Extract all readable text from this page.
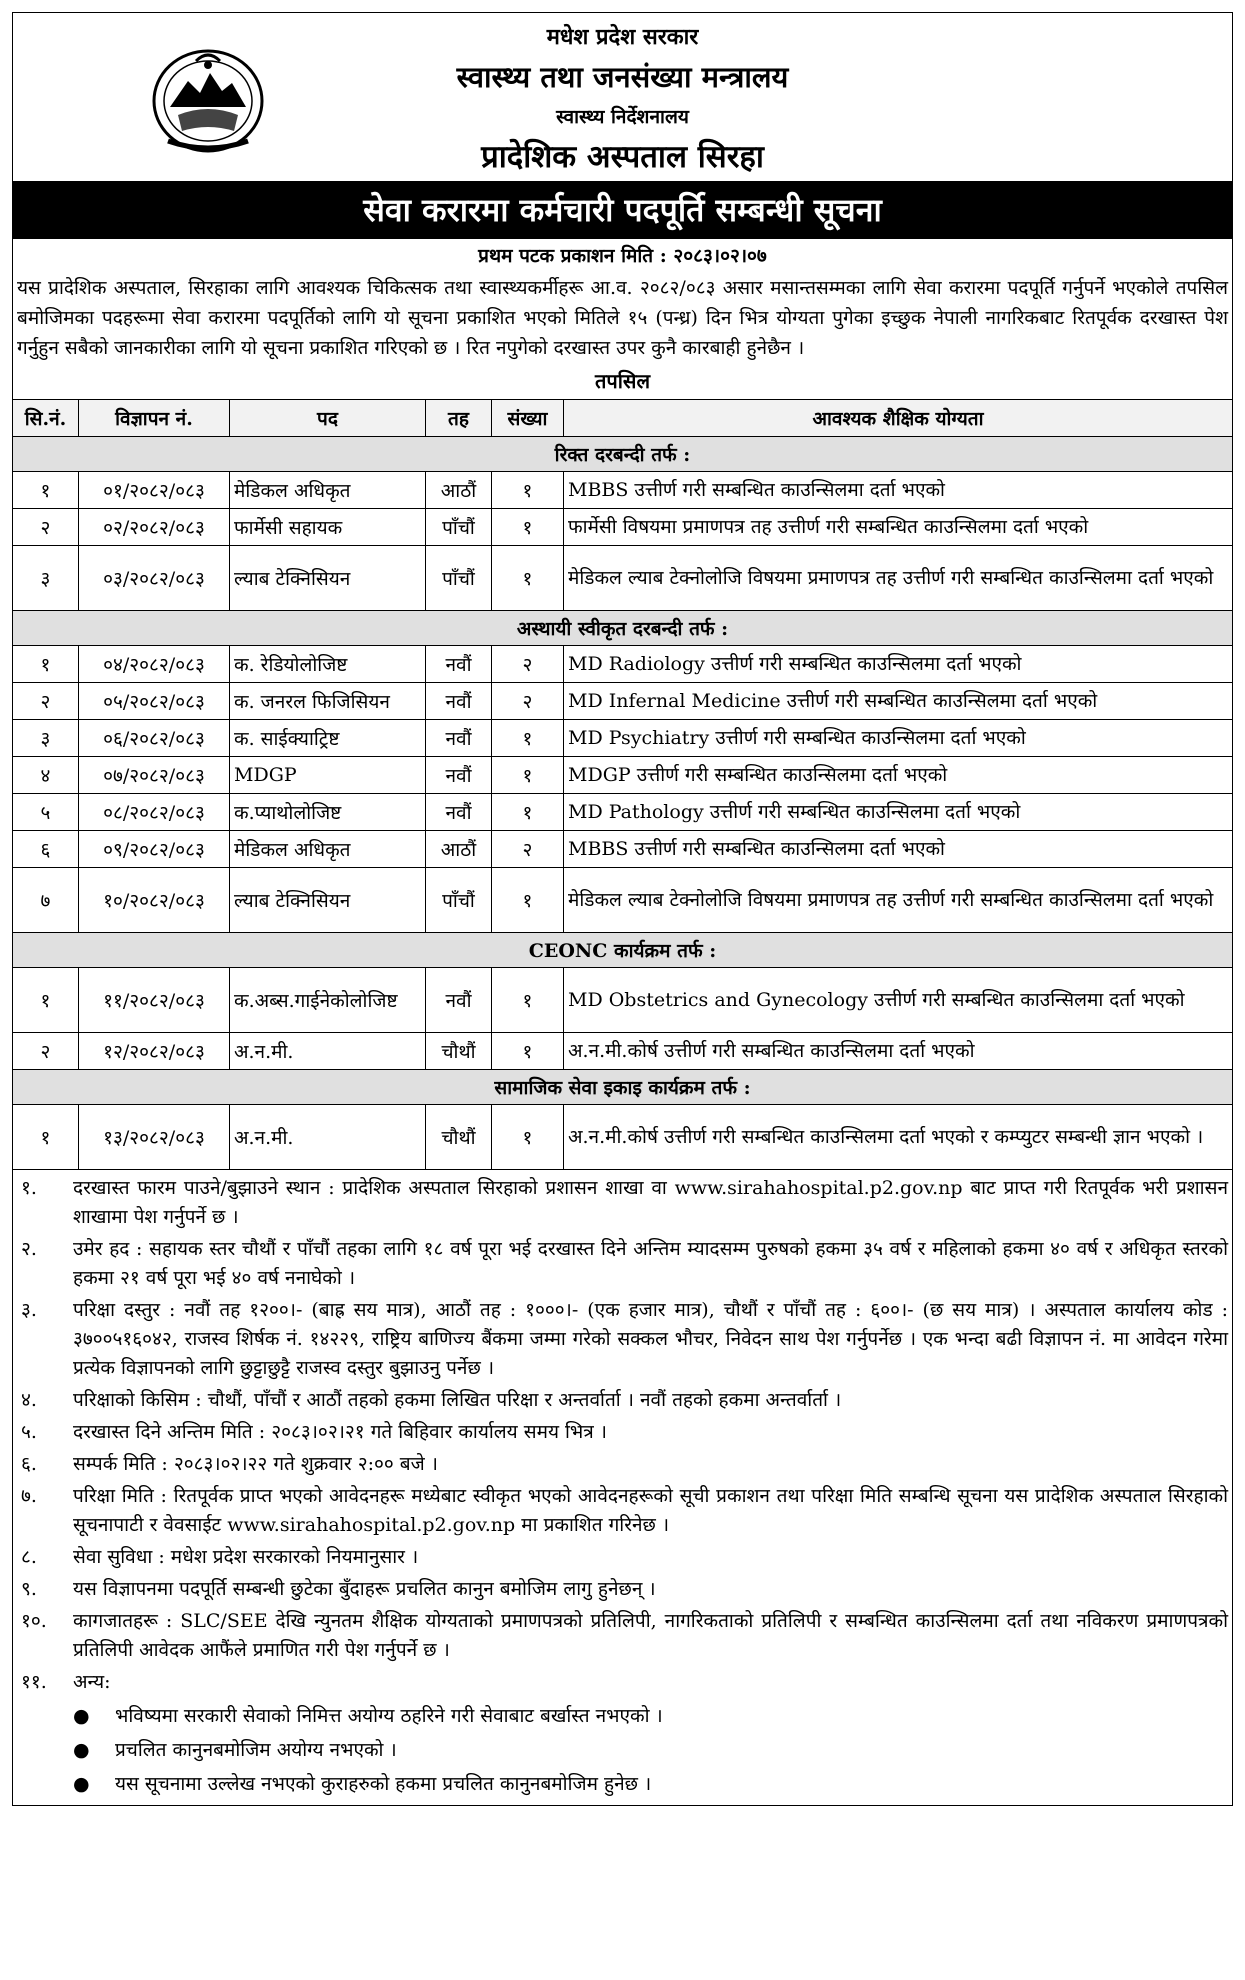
मधेश प्रदेश सरकार
स्वास्थ्य तथा जनसंख्या मन्त्रालय
स्वास्थ्य निर्देशनालय
प्रादेशिक अस्पताल सिरहा
सेवा करारमा कर्मचारी पदपूर्ति सम्बन्धी सूचना
प्रथम पटक प्रकाशन मिति : २०८३।०२।०७

यस प्रादेशिक अस्पताल, सिरहाका लागि आवश्यक चिकित्सक तथा स्वास्थ्यकर्मीहरू आ.व. २०८२/०८३ असार मसान्तसम्मका लागि सेवा करारमा पदपूर्ति गर्नुपर्ने भएकोले तपसिल बमोजिमका पदहरूमा सेवा करारमा पदपूर्तिको लागि यो सूचना प्रकाशित भएको मितिले १५ (पन्ध्र) दिन भित्र योग्यता पुगेका इच्छुक नेपाली नागरिकबाट रितपूर्वक दरखास्त पेश गर्नुहुन सबैको जानकारीका लागि यो सूचना प्रकाशित गरिएको छ । रित नपुगेको दरखास्त उपर कुनै कारबाही हुनेछैन ।

तपसिल
सि.नं.	विज्ञापन नं.	पद	तह	संख्या	आवश्यक शैक्षिक योग्यता
रिक्त दरबन्दी तर्फ :					
१	०१/२०८२/०८३	मेडिकल अधिकृत	आठौं	१	MBBS उत्तीर्ण गरी सम्बन्धित काउन्सिलमा दर्ता भएको
२	०२/२०८२/०८३	फार्मेसी सहायक	पाँचौं	१	फार्मेसी विषयमा प्रमाणपत्र तह उत्तीर्ण गरी सम्बन्धित काउन्सिलमा दर्ता भएको
३	०३/२०८२/०८३	ल्याब टेक्निसियन	पाँचौं	१	मेडिकल ल्याब टेक्नोलोजि विषयमा प्रमाणपत्र तह उत्तीर्ण गरी सम्बन्धित काउन्सिलमा दर्ता भएको
अस्थायी स्वीकृत दरबन्दी तर्फ :					
१	०४/२०८२/०८३	क. रेडियोलोजिष्ट	नवौं	२	MD Radiology उत्तीर्ण गरी सम्बन्धित काउन्सिलमा दर्ता भएको
२	०५/२०८२/०८३	क. जनरल फिजिसियन	नवौं	२	MD Infernal Medicine उत्तीर्ण गरी सम्बन्धित काउन्सिलमा दर्ता भएको
३	०६/२०८२/०८३	क. साईक्याट्रिष्ट	नवौं	१	MD Psychiatry उत्तीर्ण गरी सम्बन्धित काउन्सिलमा दर्ता भएको
४	०७/२०८२/०८३	MDGP	नवौं	१	MDGP उत्तीर्ण गरी सम्बन्धित काउन्सिलमा दर्ता भएको
५	०८/२०८२/०८३	क.प्याथोलोजिष्ट	नवौं	१	MD Pathology उत्तीर्ण गरी सम्बन्धित काउन्सिलमा दर्ता भएको
६	०९/२०८२/०८३	मेडिकल अधिकृत	आठौं	२	MBBS उत्तीर्ण गरी सम्बन्धित काउन्सिलमा दर्ता भएको
७	१०/२०८२/०८३	ल्याब टेक्निसियन	पाँचौं	१	मेडिकल ल्याब टेक्नोलोजि विषयमा प्रमाणपत्र तह उत्तीर्ण गरी सम्बन्धित काउन्सिलमा दर्ता भएको
CEONC कार्यक्रम तर्फ :					
१	११/२०८२/०८३	क.अब्स.गाईनेकोलोजिष्ट	नवौं	१	MD Obstetrics and Gynecology उत्तीर्ण गरी सम्बन्धित काउन्सिलमा दर्ता भएको
२	१२/२०८२/०८३	अ.न.मी.	चौथौं	१	अ.न.मी.कोर्ष उत्तीर्ण गरी सम्बन्धित काउन्सिलमा दर्ता भएको
सामाजिक सेवा इकाइ कार्यक्रम तर्फ :					
१	१३/२०८२/०८३	अ.न.मी.	चौथौं	१	अ.न.मी.कोर्ष उत्तीर्ण गरी सम्बन्धित काउन्सिलमा दर्ता भएको र कम्प्युटर सम्बन्धी ज्ञान भएको ।
१.	दरखास्त फारम पाउने/बुझाउने स्थान : प्रादेशिक अस्पताल सिरहाको प्रशासन शाखा वा www.sirahahospital.p2.gov.np बाट प्राप्त गरी रितपूर्वक भरी प्रशासन शाखामा पेश गर्नुपर्ने छ ।
२.	उमेर हद : सहायक स्तर चौथौं र पाँचौं तहका लागि १८ वर्ष पूरा भई दरखास्त दिने अन्तिम म्यादसम्म पुरुषको हकमा ३५ वर्ष र महिलाको हकमा ४० वर्ष र अधिकृत स्तरको हकमा २१ वर्ष पूरा भई ४० वर्ष ननाघेको ।
३.	परिक्षा दस्तुर : नवौं तह १२००।- (बाह्र सय मात्र), आठौं तह : १०००।- (एक हजार मात्र), चौथौं र पाँचौं तह : ६००।- (छ सय मात्र) । अस्पताल कार्यालय कोड : ३७००५१६०४२, राजस्व शिर्षक नं. १४२२९, राष्ट्रिय बाणिज्य बैंकमा जम्मा गरेको सक्कल भौचर, निवेदन साथ पेश गर्नुपर्नेछ । एक भन्दा बढी विज्ञापन नं. मा आवेदन गरेमा प्रत्येक विज्ञापनको लागि छुट्टाछुट्टै राजस्व दस्तुर बुझाउनु पर्नेछ ।
४.	परिक्षाको किसिम : चौथौं, पाँचौं र आठौं तहको हकमा लिखित परिक्षा र अन्तर्वार्ता । नवौं तहको हकमा अन्तर्वार्ता ।
५.	दरखास्त दिने अन्तिम मिति : २०८३।०२।२१ गते बिहिवार कार्यालय समय भित्र ।
६.	सम्पर्क मिति : २०८३।०२।२२ गते शुक्रवार २:०० बजे ।
७.	परिक्षा मिति : रितपूर्वक प्राप्त भएको आवेदनहरू मध्येबाट स्वीकृत भएको आवेदनहरूको सूची प्रकाशन तथा परिक्षा मिति सम्बन्धि सूचना यस प्रादेशिक अस्पताल सिरहाको सूचनापाटी र वेवसाईट www.sirahahospital.p2.gov.np मा प्रकाशित गरिनेछ ।
८.	सेवा सुविधा : मधेश प्रदेश सरकारको नियमानुसार ।
९.	यस विज्ञापनमा पदपूर्ति सम्बन्धी छुटेका बुँदाहरू प्रचलित कानुन बमोजिम लागु हुनेछन् ।
१०.	कागजातहरू : SLC/SEE देखि न्युनतम शैक्षिक योग्यताको प्रमाणपत्रको प्रतिलिपी, नागरिकताको प्रतिलिपी र सम्बन्धित काउन्सिलमा दर्ता तथा नविकरण प्रमाणपत्रको प्रतिलिपी आवेदक आफैंले प्रमाणित गरी पेश गर्नुपर्ने छ ।
११.	अन्य:
●	भविष्यमा सरकारी सेवाको निमित्त अयोग्य ठहरिने गरी सेवाबाट बर्खास्त नभएको ।
●	प्रचलित कानुनबमोजिम अयोग्य नभएको ।
●	यस सूचनामा उल्लेख नभएको कुराहरुको हकमा प्रचलित कानुनबमोजिम हुनेछ ।
